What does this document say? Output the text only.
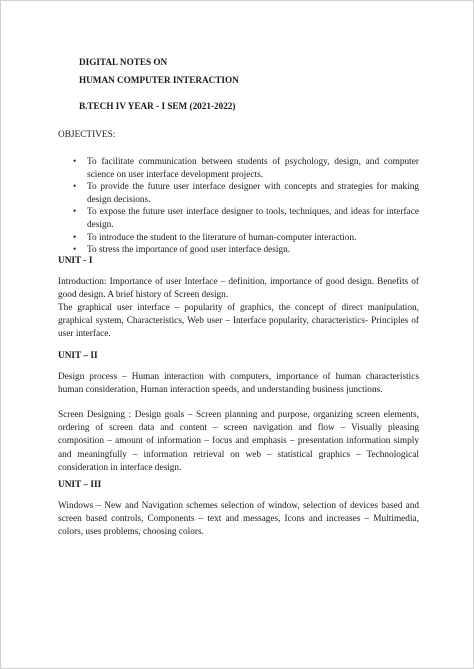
DIGITAL NOTES ON
HUMAN COMPUTER INTERACTION
B.TECH IV YEAR - I SEM (2021-2022)
OBJECTIVES:
• To facilitate communication between students of psychology, design, and computer science on user interface development projects.
• To provide the future user interface designer with concepts and strategies for making design decisions.
• To expose the future user interface designer to tools, techniques, and ideas for interface design.
• To introduce the student to the literature of human-computer interaction.
• To stress the importance of good user interface design.
UNIT - I
Introduction: Importance of user Interface – definition, importance of good design. Benefits of good design. A brief history of Screen design.
The graphical user interface – popularity of graphics, the concept of direct manipulation, graphical system, Characteristics, Web user – Interface popularity, characteristics- Principles of user interface.
UNIT – II
Design process – Human interaction with computers, importance of human characteristics human consideration, Human interaction speeds, and understanding business junctions.
Screen Designing : Design goals – Screen planning and purpose, organizing screen elements, ordering of screen data and content – screen navigation and flow – Visually pleasing composition – amount of information – focus and emphasis – presentation information simply and meaningfully – information retrieval on web – statistical graphics – Technological consideration in interface design.
UNIT – III
Windows – New and Navigation schemes selection of window, selection of devices based and screen based controls, Components – text and messages, Icons and increases – Multimedia, colors, uses problems, choosing colors.
